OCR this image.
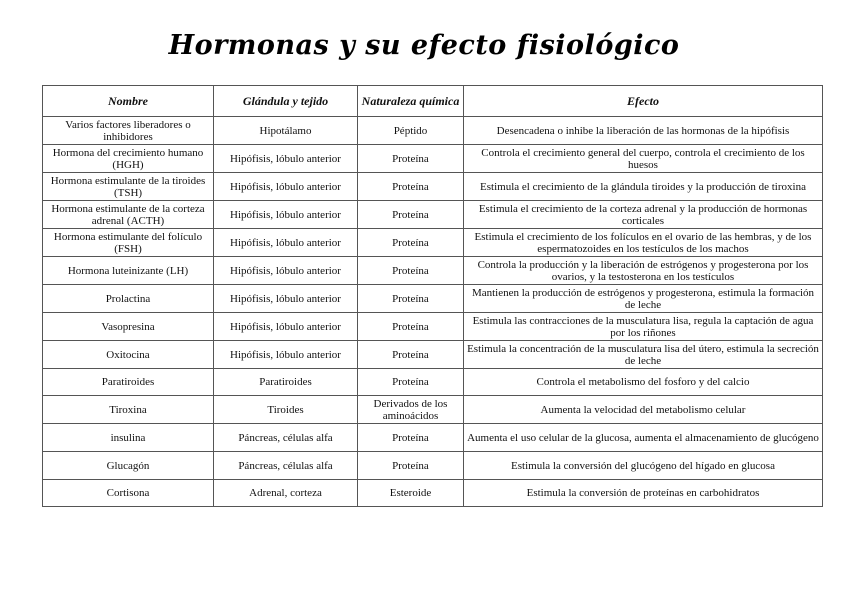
Hormonas y su efecto fisiológico
Nombre	Glándula y tejido	Naturaleza química	Efecto
Varios factores liberadores o inhibidores	Hipotálamo	Péptido	Desencadena o inhibe la liberación de las hormonas de la hipófisis
Hormona del crecimiento humano (HGH)	Hipófisis, lóbulo anterior	Proteína	Controla el crecimiento general del cuerpo, controla el crecimiento de los huesos
Hormona estimulante de la tiroides (TSH)	Hipófisis, lóbulo anterior	Proteína	Estimula el crecimiento de la glándula tiroides y la producción de tiroxina
Hormona estimulante de la corteza adrenal (ACTH)	Hipófisis, lóbulo anterior	Proteína	Estimula el crecimiento de la corteza adrenal y la producción de hormonas corticales
Hormona estimulante del folículo (FSH)	Hipófisis, lóbulo anterior	Proteína	Estimula el crecimiento de los folículos en el ovario de las hembras, y de los espermatozoides en los testículos de los machos
Hormona luteinizante (LH)	Hipófisis, lóbulo anterior	Proteína	Controla la producción y la liberación de estrógenos y progesterona por los ovarios, y la testosterona en los testículos
Prolactina	Hipófisis, lóbulo anterior	Proteína	Mantienen la producción de estrógenos y progesterona, estimula la formación de leche
Vasopresina	Hipófisis, lóbulo anterior	Proteína	Estimula las contracciones de la musculatura lisa, regula la captación de agua por los riñones
Oxitocina	Hipófisis, lóbulo anterior	Proteína	Estimula la concentración de la musculatura lisa del útero, estimula la secreción de leche
Paratiroides	Paratiroides	Proteína	Controla el metabolismo del fosforo y del calcio
Tiroxina	Tiroides	Derivados de los aminoácidos	Aumenta la velocidad del metabolismo celular
insulina	Páncreas, células alfa	Proteína	Aumenta el uso celular de la glucosa, aumenta el almacenamiento de glucógeno
Glucagón	Páncreas, células alfa	Proteína	Estimula la conversión del glucógeno del hígado en glucosa
Cortisona	Adrenal, corteza	Esteroide	Estimula la conversión de proteínas en carbohidratos
